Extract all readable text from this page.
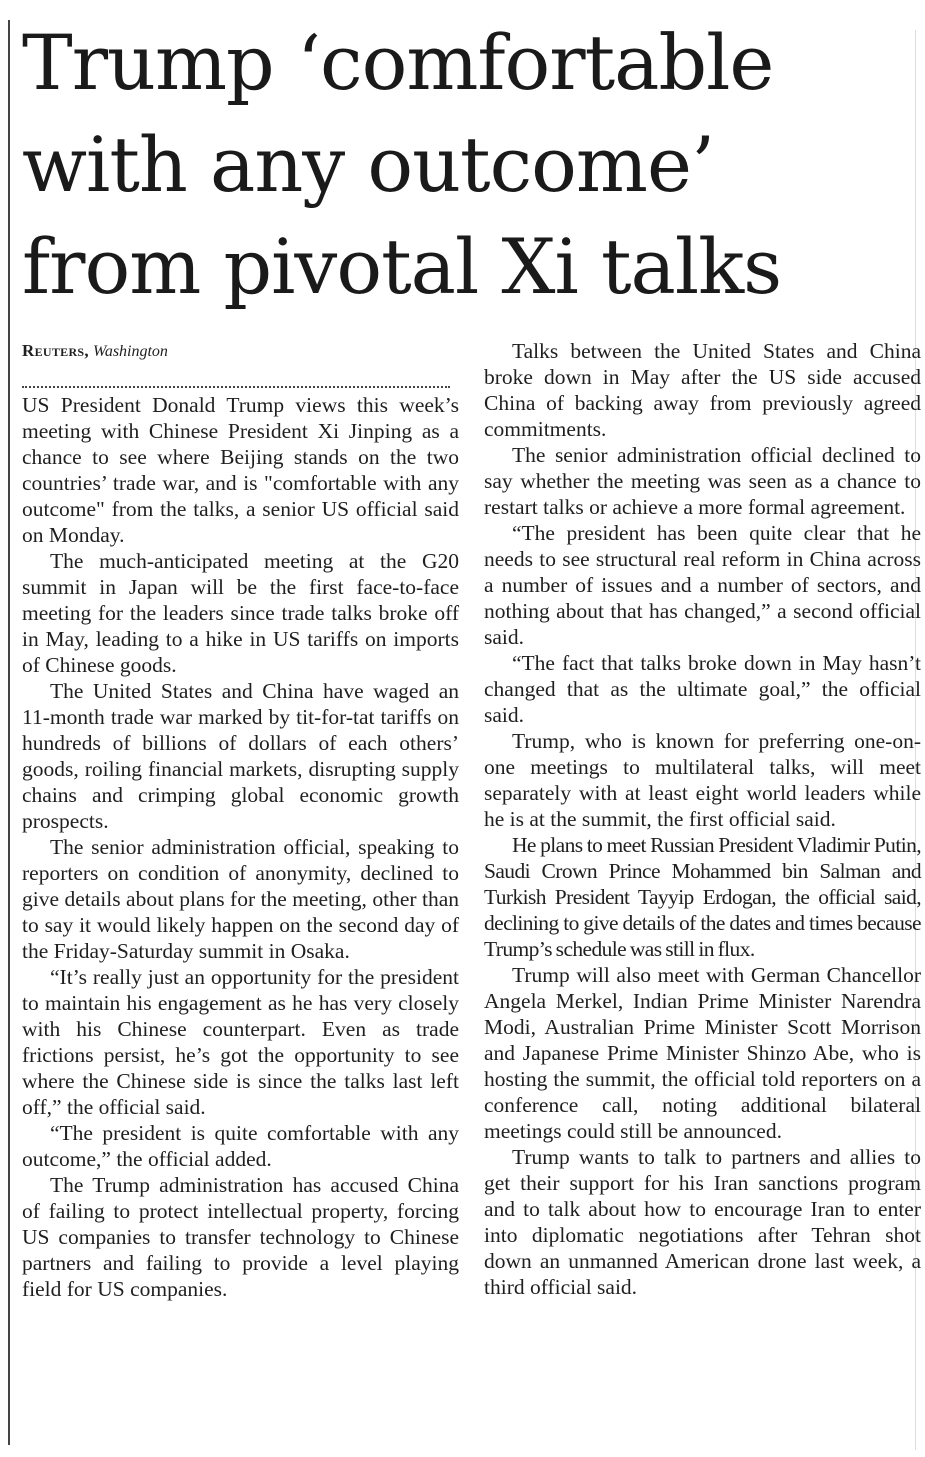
Trump ‘comfortable
with any outcome’
from pivotal Xi talks
Reuters, Washington

US President Donald Trump views this week’s meeting with Chinese President Xi Jinping as a chance to see where Beijing stands on the two countries’ trade war, and is "comfortable with any outcome" from the talks, a senior US official said on Monday.

The much-anticipated meeting at the G20 summit in Japan will be the first face-to-face meeting for the leaders since trade talks broke off in May, leading to a hike in US tariffs on imports of Chinese goods.

The United States and China have waged an 11-month trade war marked by tit-for-tat tariffs on hundreds of billions of dollars of each others’ goods, roiling financial markets, disrupting supply chains and crimping global economic growth prospects.

The senior administration official, speaking to reporters on condition of anonymity, declined to give details about plans for the meeting, other than to say it would likely happen on the second day of the Friday-Saturday summit in Osaka.

“It’s really just an opportunity for the president to maintain his engagement as he has very closely with his Chinese counterpart. Even as trade frictions persist, he’s got the opportunity to see where the Chinese side is since the talks last left off,” the official said.

“The president is quite comfortable with any outcome,” the official added.

The Trump administration has accused China of failing to protect intellectual property, forcing US companies to transfer technology to Chinese partners and failing to provide a level playing field for US companies.

Talks between the United States and China broke down in May after the US side accused China of backing away from previously agreed commitments.

The senior administration official declined to say whether the meeting was seen as a chance to restart talks or achieve a more formal agreement.

“The president has been quite clear that he needs to see structural real reform in China across a number of issues and a number of sectors, and nothing about that has changed,” a second official said.

“The fact that talks broke down in May hasn’t changed that as the ultimate goal,” the official said.

Trump, who is known for preferring one-on-one meetings to multilateral talks, will meet separately with at least eight world leaders while he is at the summit, the first official said.

He plans to meet Russian President Vladimir Putin, Saudi Crown Prince Mohammed bin Salman and Turkish President Tayyip Erdogan, the official said, declining to give details of the dates and times because Trump’s schedule was still in flux.

Trump will also meet with German Chancellor Angela Merkel, Indian Prime Minister Narendra Modi, Australian Prime Minister Scott Morrison and Japanese Prime Minister Shinzo Abe, who is hosting the summit, the official told reporters on a conference call, noting additional bilateral meetings could still be announced.

Trump wants to talk to partners and allies to get their support for his Iran sanctions program and to talk about how to encourage Iran to enter into diplomatic negotiations after Tehran shot down an unmanned American drone last week, a third official said.
